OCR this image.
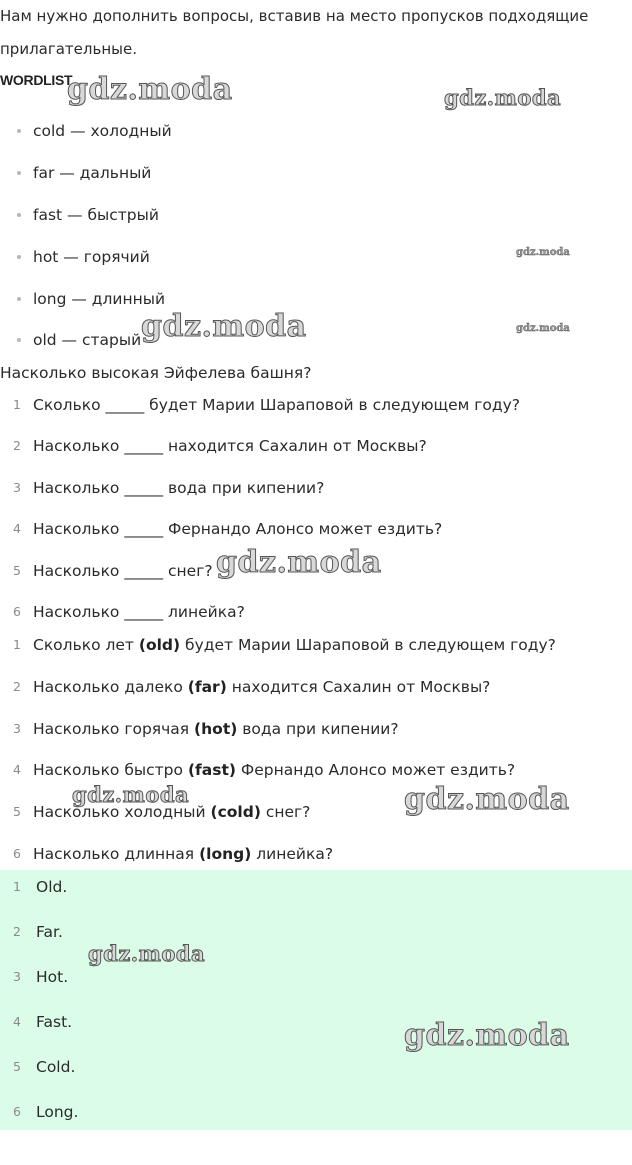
Нам нужно дополнить вопросы, вставив на место пропусков подходящие прилагательные.

WORDLIST
cold — холодный
far — дальный
fast — быстрый
hot — горячий
long — длинный
old — старый
Насколько высокая Эйфелева башня?
1 Сколько _____ будет Марии Шараповой в следующем году?
2 Насколько _____ находится Сахалин от Москвы?
3 Насколько _____ вода при кипении?
4 Насколько _____ Фернандо Алонсо может ездить?
5 Насколько _____ снег?
6 Насколько _____ линейка?
1 Сколько лет (old) будет Марии Шараповой в следующем году?
2 Насколько далеко (far) находится Сахалин от Москвы?
3 Насколько горячая (hot) вода при кипении?
4 Насколько быстро (fast) Фернандо Алонсо может ездить?
5 Насколько холодный (cold) снег?
6 Насколько длинная (long) линейка?
1 Old.
2 Far.
3 Hot.
4 Fast.
5 Cold.
6 Long.
gdz.moda	gdz.moda
gdz.moda
gdz.moda	gdz.moda
gdz.moda
gdz.moda	gdz.moda
gdz.moda
gdz.moda
